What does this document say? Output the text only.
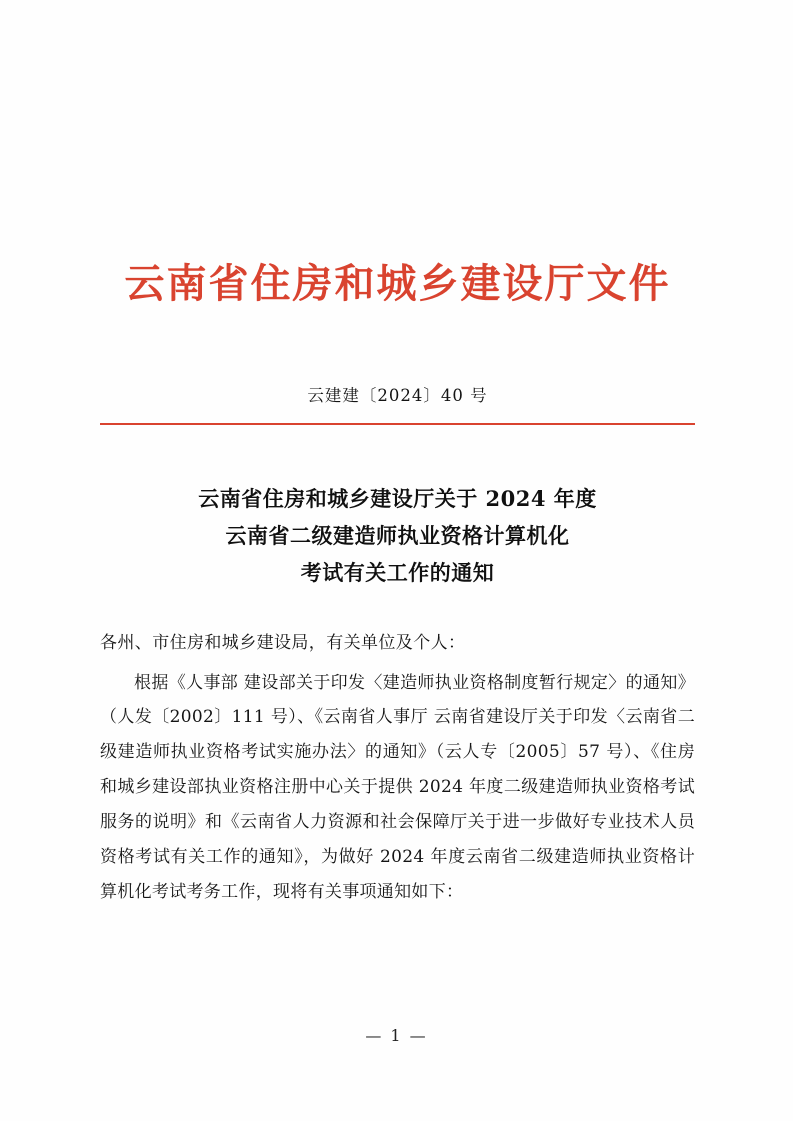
云南省住房和城乡建设厅文件
云建建〔2024〕40 号
云南省住房和城乡建设厅关于 2024 年度
云南省二级建造师执业资格计算机化
考试有关工作的通知
各州、市住房和城乡建设局，有关单位及个人：
根据《人事部 建设部关于印发〈建造师执业资格制度暂行规定〉的通知》（人发〔2002〕111 号）、《云南省人事厅 云南省建设厅关于印发〈云南省二级建造师执业资格考试实施办法〉的通知》（云人专〔2005〕57 号）、《住房和城乡建设部执业资格注册中心关于提供 2024 年度二级建造师执业资格考试服务的说明》和《云南省人力资源和社会保障厅关于进一步做好专业技术人员资格考试有关工作的通知》，为做好 2024 年度云南省二级建造师执业资格计算机化考试考务工作，现将有关事项通知如下：
— 1 —
